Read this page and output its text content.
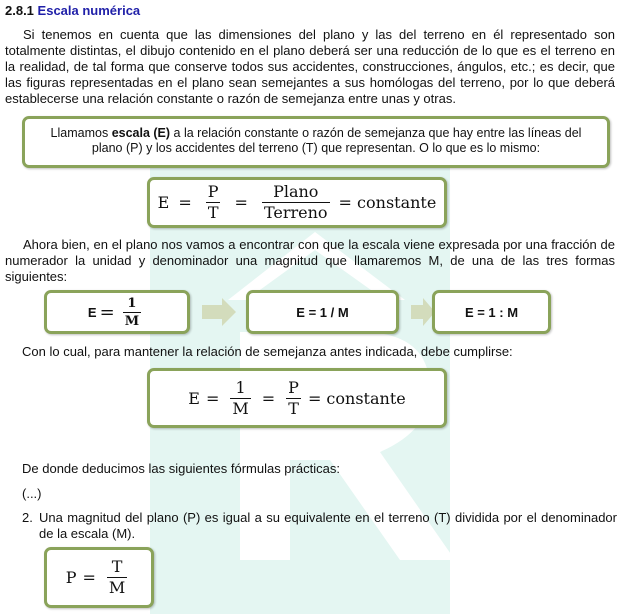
2.8.1 Escala numérica
Si tenemos en cuenta que las dimensiones del plano y las del terreno en él representado son totalmente distintas, el dibujo contenido en el plano deberá ser una reducción de lo que es el terreno en la realidad, de tal forma que conserve todos sus accidentes, construcciones, ángulos, etc.; es decir, que las figuras representadas en el plano sean semejantes a sus homólogas del terreno, por lo que deberá establecerse una relación constante o razón de semejanza entre unas y otras.
Llamamos escala (E) a la relación constante o razón de semejanza que hay entre las líneas del plano (P) y los accidentes del terreno (T) que representan. O lo que es lo mismo:
$E = \frac{P}{T} = \frac{\text{Plano}}{\text{Terreno}}$ = constante
Ahora bien, en el plano nos vamos a encontrar con que la escala viene expresada por una fracción de numerador la unidad y denominador una magnitud que llamaremos M, de una de las tres formas siguientes:
$E = \frac{1}{M}$	E = 1 / M	E = 1 : M
Con lo cual, para mantener la relación de semejanza antes indicada, debe cumplirse:
$E = \frac{1}{M} = \frac{P}{T}$ = constante
De donde deducimos las siguientes fórmulas prácticas:
(...)
2. Una magnitud del plano (P) es igual a su equivalente en el terreno (T) dividida por el denominador de la escala (M).
$P = \frac{T}{M}$
